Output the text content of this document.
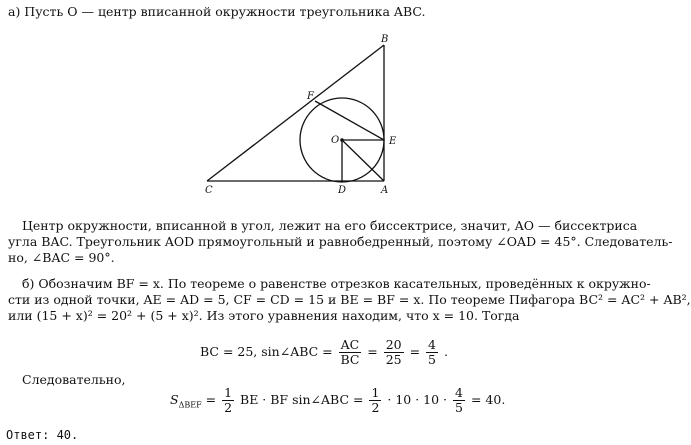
а) Пусть O — центр вписанной окружности треугольника ABC.
B
F
O	E
C	D	A
Центр окружности, вписанной в угол, лежит на его биссектрисе, значит, AO — биссектриса
угла BAC. Треугольник AOD прямоугольный и равнобедренный, поэтому ∠OAD = 45°. Следователь-
но, ∠BAC = 90°.
б) Обозначим BF = x. По теореме о равенстве отрезков касательных, проведённых к окружно-
сти из одной точки, AE = AD = 5, CF = CD = 15 и BE = BF = x. По теореме Пифагора BC² = AC² + AB²,
или (15 + x)² = 20² + (5 + x)². Из этого уравнения находим, что x = 10. Тогда
BC = 25, sin∠ABC = $\frac{AC}{BC} = \frac{20}{25} = \frac{4}{5}$ .
Следовательно,
$S_{\Delta BEF} = \frac{1}{2}$ BE · BF sin∠ABC = $\frac{1}{2} \cdot 10 \cdot 10 \cdot \frac{4}{5} = 40$.
Ответ: 40.
